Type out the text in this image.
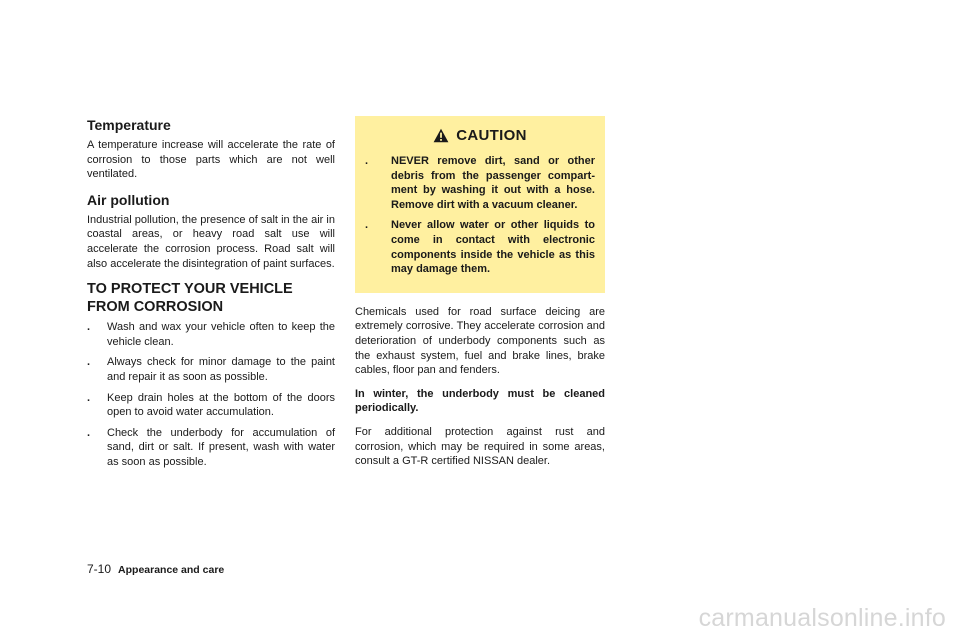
Temperature

A temperature increase will accelerate the rate of corrosion to those parts which are not well ventilated.

Air pollution

Industrial pollution, the presence of salt in the air in coastal areas, or heavy road salt use will accelerate the corrosion process. Road salt will also accelerate the disintegration of paint surfaces.

TO PROTECT YOUR VEHICLE FROM CORROSION
. Wash and wax your vehicle often to keep the vehicle clean.
. Always check for minor damage to the paint and repair it as soon as possible.
. Keep drain holes at the bottom of the doors open to avoid water accumulation.
. Check the underbody for accumulation of sand, dirt or salt. If present, wash with water as soon as possible.
CAUTION
. NEVER remove dirt, sand or other debris from the passenger compart- ment by washing it out with a hose. Remove dirt with a vacuum cleaner.
. Never allow water or other liquids to come in contact with electronic components inside the vehicle as this may damage them.

Chemicals used for road surface deicing are extremely corrosive. They accelerate corrosion and deterioration of underbody components such as the exhaust system, fuel and brake lines, brake cables, floor pan and fenders.

In winter, the underbody must be cleaned periodically.

For additional protection against rust and corrosion, which may be required in some areas, consult a GT-R certified NISSAN dealer.

7-10 Appearance and care
carmanualsonline.info
